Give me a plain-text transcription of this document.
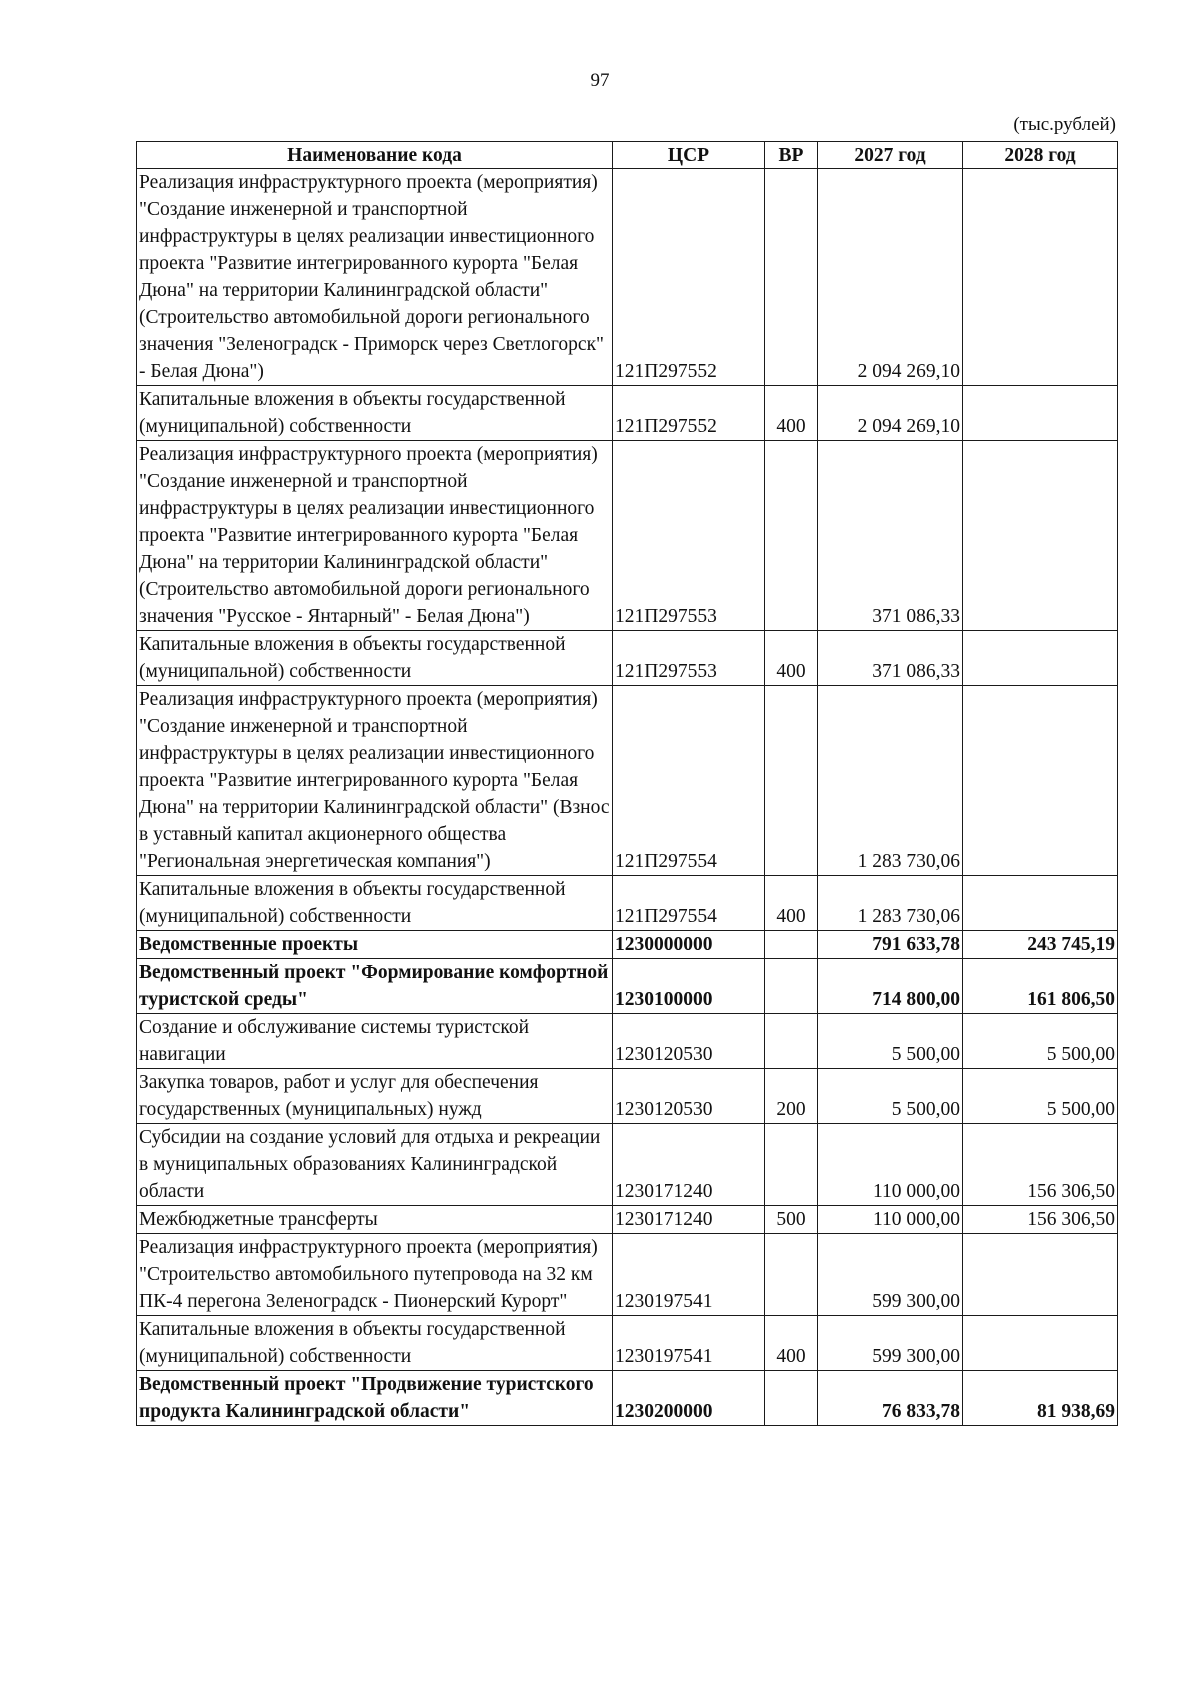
97
(тыс.рублей)
Наименование кода	ЦСР	ВР	2027 год	2028 год
Реализация инфраструктурного проекта (мероприятия) "Создание инженерной и транспортной инфраструктуры в целях реализации инвестиционного проекта "Развитие интегрированного курорта "Белая Дюна" на территории Калининградской области" (Строительство автомобильной дороги регионального значения "Зеленоградск - Приморск через Светлогорск" - Белая Дюна")	121П297552		2 094 269,10	
Капитальные вложения в объекты государственной (муниципальной) собственности	121П297552	400	2 094 269,10	
Реализация инфраструктурного проекта (мероприятия) "Создание инженерной и транспортной инфраструктуры в целях реализации инвестиционного проекта "Развитие интегрированного курорта "Белая Дюна" на территории Калининградской области" (Строительство автомобильной дороги регионального значения "Русское - Янтарный" - Белая Дюна")	121П297553		371 086,33	
Капитальные вложения в объекты государственной (муниципальной) собственности	121П297553	400	371 086,33	
Реализация инфраструктурного проекта (мероприятия) "Создание инженерной и транспортной инфраструктуры в целях реализации инвестиционного проекта "Развитие интегрированного курорта "Белая Дюна" на территории Калининградской области" (Взнос в уставный капитал акционерного общества "Региональная энергетическая компания")	121П297554		1 283 730,06	
Капитальные вложения в объекты государственной (муниципальной) собственности	121П297554	400	1 283 730,06	
Ведомственные проекты	1230000000		791 633,78	243 745,19
Ведомственный проект "Формирование комфортной туристской среды"	1230100000		714 800,00	161 806,50
Создание и обслуживание системы туристской навигации	1230120530		5 500,00	5 500,00
Закупка товаров, работ и услуг для обеспечения государственных (муниципальных) нужд	1230120530	200	5 500,00	5 500,00
Субсидии на создание условий для отдыха и рекреации в муниципальных образованиях Калининградской области	1230171240		110 000,00	156 306,50
Межбюджетные трансферты	1230171240	500	110 000,00	156 306,50
Реализация инфраструктурного проекта (мероприятия) "Строительство автомобильного путепровода на 32 км ПК-4 перегона Зеленоградск - Пионерский Курорт"	1230197541		599 300,00	
Капитальные вложения в объекты государственной (муниципальной) собственности	1230197541	400	599 300,00	
Ведомственный проект "Продвижение туристского продукта Калининградской области"	1230200000		76 833,78	81 938,69
